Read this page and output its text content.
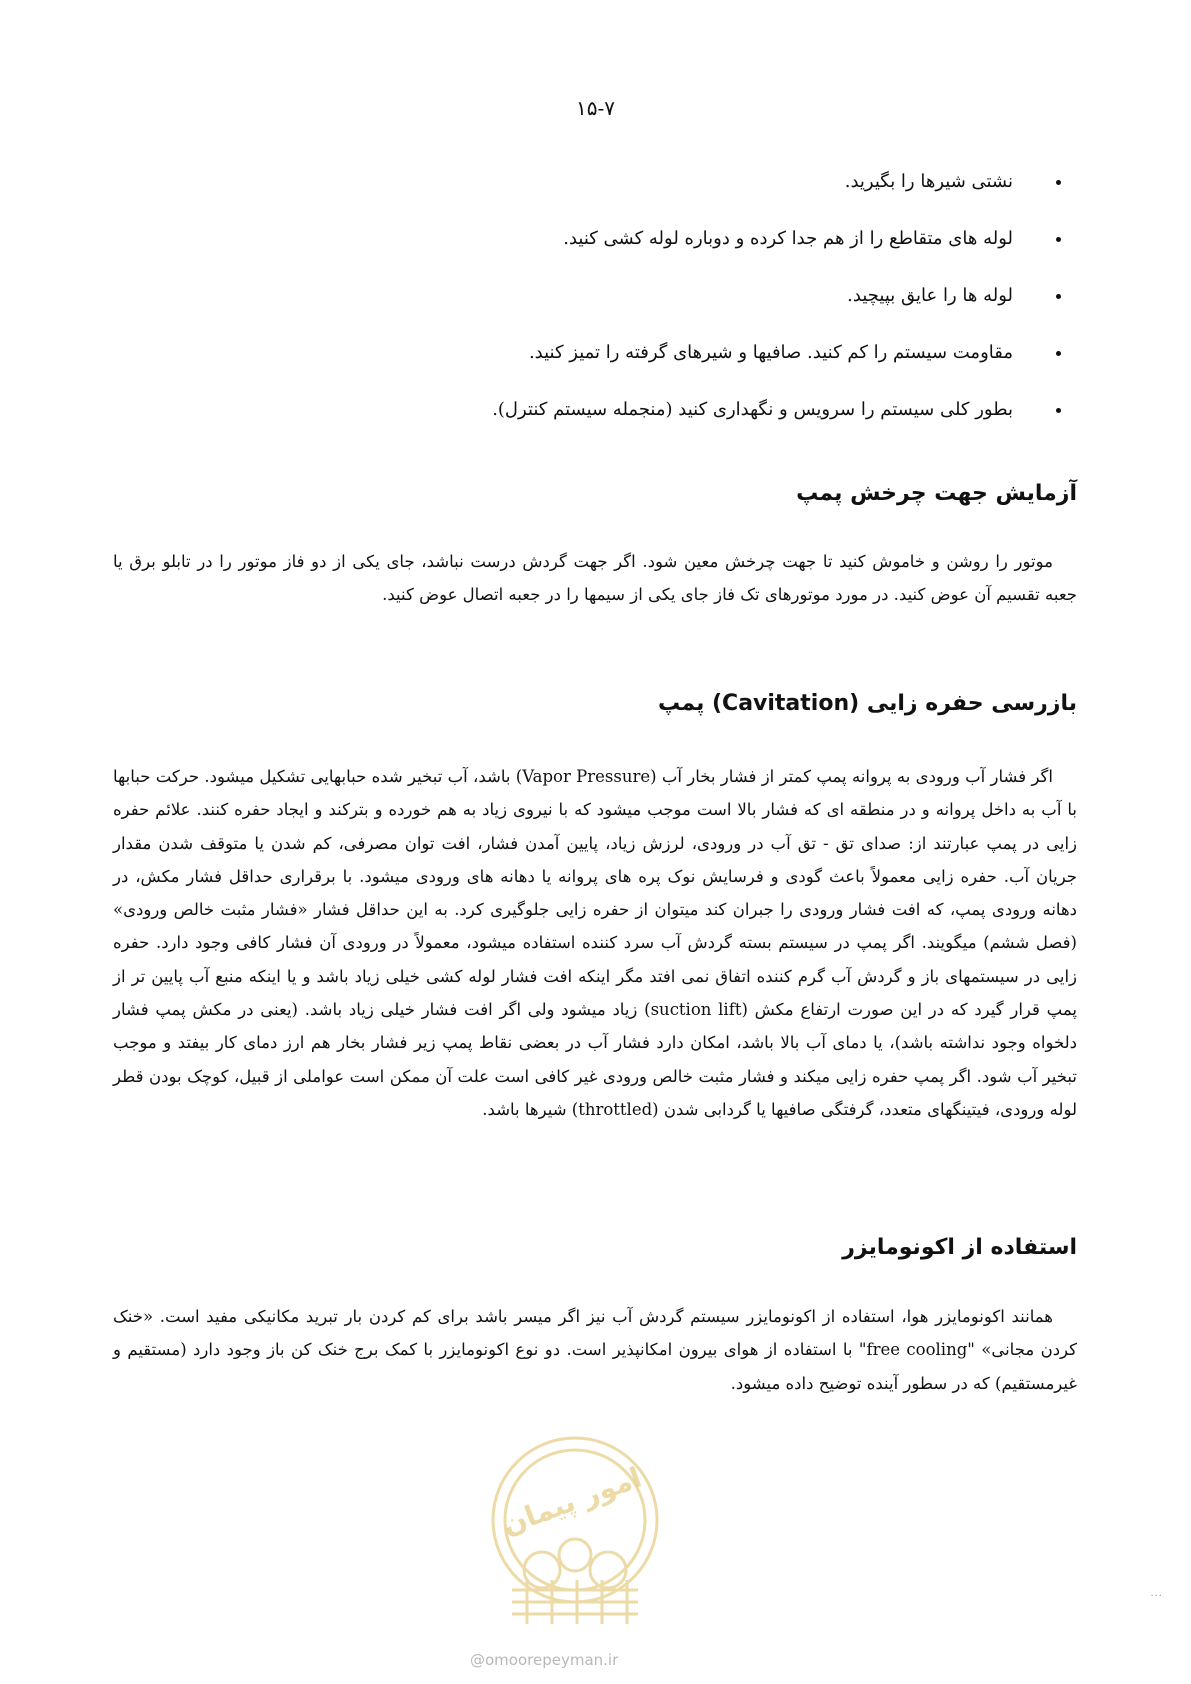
۱۵-۷
نشتی شیرها را بگیرید.
لوله های متقاطع را از هم جدا کرده و دوباره لوله کشی کنید.
لوله ها را عایق بپیچید.
مقاومت سیستم را کم کنید. صافیها و شیرهای گرفته را تمیز کنید.
بطور کلی سیستم را سرویس و نگهداری کنید (منجمله سیستم کنترل).
آزمایش جهت چرخش پمپ

موتور را روشن و خاموش کنید تا جهت چرخش معین شود. اگر جهت گردش درست نباشد، جای یکی از دو فاز موتور را در تابلو برق یا جعبه تقسیم آن عوض کنید. در مورد موتورهای تک فاز جای یکی از سیمها را در جعبه اتصال عوض کنید.

بازرسی حفره زایی (Cavitation) پمپ

اگر فشار آب ورودی به پروانه پمپ کمتر از فشار بخار آب (Vapor Pressure) باشد، آب تبخیر شده حبابهایی تشکیل میشود. حرکت حبابها با آب به داخل پروانه و در منطقه ای که فشار بالا است موجب میشود که با نیروی زیاد به هم خورده و بترکند و ایجاد حفره کنند. علائم حفره زایی در پمپ عبارتند از: صدای تق - تق آب در ورودی، لرزش زیاد، پایین آمدن فشار، افت توان مصرفی، کم شدن یا متوقف شدن مقدار جریان آب. حفره زایی معمولاً باعث گودی و فرسایش نوک پره های پروانه یا دهانه های ورودی میشود. با برقراری حداقل فشار مکش، در دهانه ورودی پمپ، که افت فشار ورودی را جبران کند میتوان از حفره زایی جلوگیری کرد. به این حداقل فشار «فشار مثبت خالص ورودی» (فصل ششم) میگویند. اگر پمپ در سیستم بسته گردش آب سرد کننده استفاده میشود، معمولاً در ورودی آن فشار کافی وجود دارد. حفره زایی در سیستمهای باز و گردش آب گرم کننده اتفاق نمی افتد مگر اینکه افت فشار لوله کشی خیلی زیاد باشد و یا اینکه منبع آب پایین تر از پمپ قرار گیرد که در این صورت ارتفاع مکش (suction lift) زیاد میشود ولی اگر افت فشار خیلی زیاد باشد. (یعنی در مکش پمپ فشار دلخواه وجود نداشته باشد)، یا دمای آب بالا باشد، امکان دارد فشار آب در بعضی نقاط پمپ زیر فشار بخار هم ارز دمای کار بیفتد و موجب تبخیر آب شود. اگر پمپ حفره زایی میکند و فشار مثبت خالص ورودی غیر کافی است علت آن ممکن است عواملی از قبیل، کوچک بودن قطر لوله ورودی، فیتینگهای متعدد، گرفتگی صافیها یا گردابی شدن (throttled) شیرها باشد.

استفاده از اکونومایزر

همانند اکونومایزر هوا، استفاده از اکونومایزر سیستم گردش آب نیز اگر میسر باشد برای کم کردن بار تبرید مکانیکی مفید است. «خنک کردن مجانی» "free cooling" با استفاده از هوای بیرون امکانپذیر است. دو نوع اکونومایزر با کمک برج خنک کن باز وجود دارد (مستقیم و غیرمستقیم) که در سطور آینده توضیح داده میشود.

امور پیمان
@omoorepeyman.ir
...
